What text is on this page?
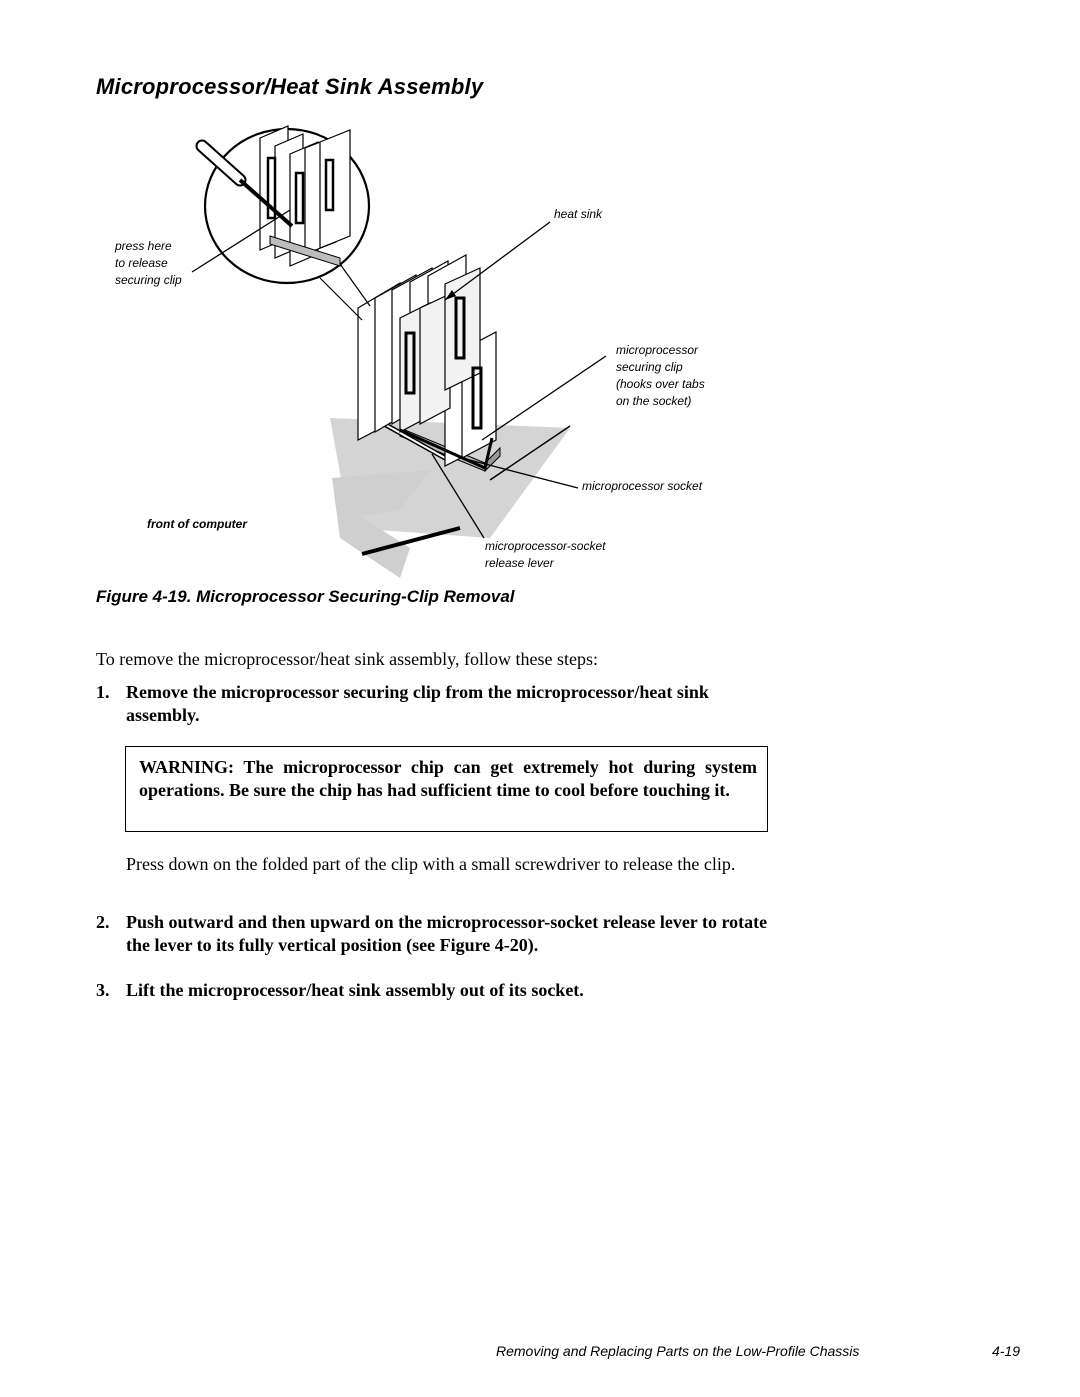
Microprocessor/Heat Sink Assembly
heat sink
press here
to release
securing clip
microprocessor
securing clip
(hooks over tabs
on the socket)
microprocessor socket
front of computer
microprocessor-socket
release lever

Figure 4-19. Microprocessor Securing-Clip Removal

To remove the microprocessor/heat sink assembly, follow these steps:

1. Remove the microprocessor securing clip from the microprocessor/heat sink assembly.

WARNING: The microprocessor chip can get extremely hot during system operations. Be sure the chip has had sufficient time to cool before touching it.

Press down on the folded part of the clip with a small screwdriver to release the clip.

2. Push outward and then upward on the microprocessor-socket release lever to rotate the lever to its fully vertical position (see Figure 4-20).
3. Lift the microprocessor/heat sink assembly out of its socket.
Removing and Replacing Parts on the Low-Profile Chassis	4-19
